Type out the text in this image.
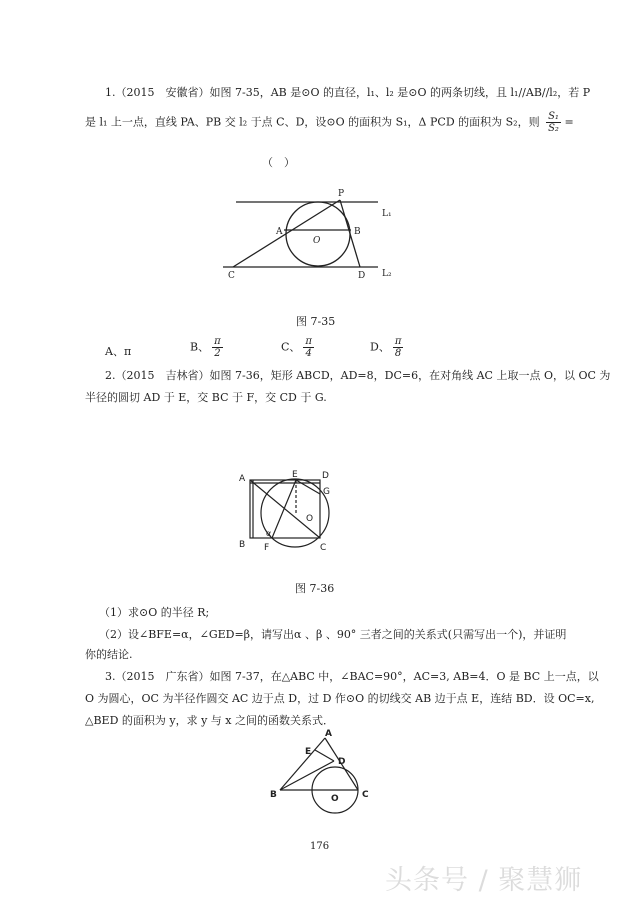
1.（2015　安徽省）如图 7-35，AB 是⊙O 的直径，l₁、l₂ 是⊙O 的两条切线，且 l₁//AB//l₂，若 P
是 l₁ 上一点，直线 PA、PB 交 l₂ 于点 C、D，设⊙O 的面积为 S₁，Δ PCD 的面积为 S₂，则 $\frac{\text{S₁}}{\text{S₂}}$ =
（　）
P
A
O
B
C	D
L₁
L₂
图 7-35
A、π	B、 $\frac{\pi}{2}$	C、 $\frac{\pi}{4}$	D、 $\frac{\pi}{8}$
2.（2015　吉林省）如图 7-36，矩形 ABCD，AD=8，DC=6，在对角线 AC 上取一点 O，以 OC 为
半径的圆切 AD 于 E，交 BC 于 F，交 CD 于 G.
A	E	D
G
O
B F	C
α
图 7-36
（1）求⊙O 的半径 R;
（2）设∠BFE=α，∠GED=β，请写出α 、β 、90° 三者之间的关系式(只需写出一个)，并证明
你的结论.
3.（2015　广东省）如图 7-37，在△ABC 中，∠BAC=90°，AC=3, AB=4．O 是 BC 上一点，以
O 为圆心，OC 为半径作圆交 AC 边于点 D，过 D 作⊙O 的切线交 AB 边于点 E，连结 BD．设 OC=x,
△BED 的面积为 y，求 y 与 x 之间的函数关系式．
A
E
D
B	O	C
176
头条号 / 聚慧狮
